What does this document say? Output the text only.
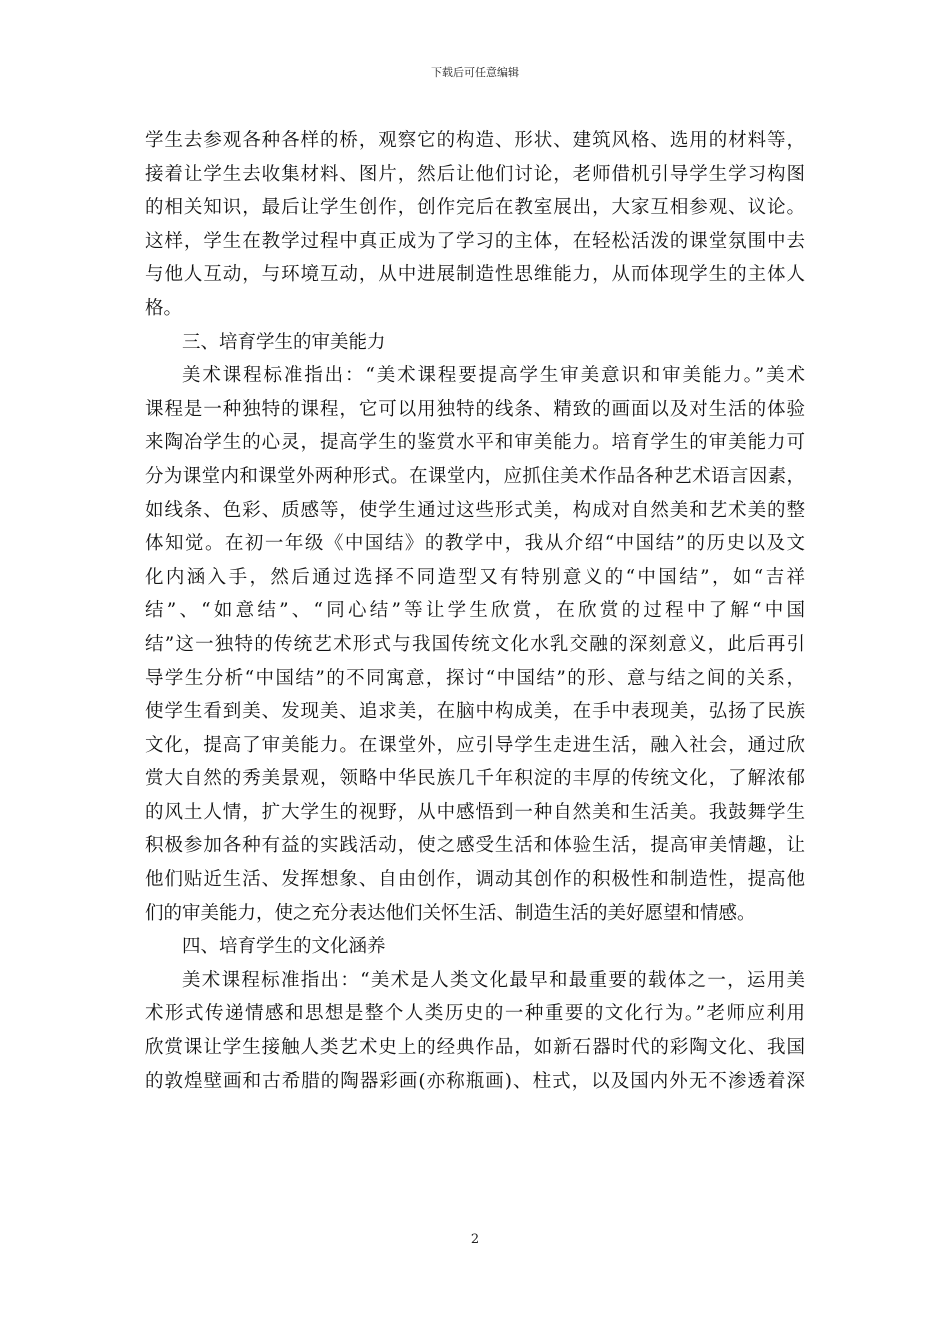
下载后可任意编辑
学生去参观各种各样的桥，观察它的构造、形状、建筑风格、选用的材料等，
接着让学生去收集材料、图片，然后让他们讨论，老师借机引导学生学习构图
的相关知识，最后让学生创作，创作完后在教室展出，大家互相参观、议论。
这样，学生在教学过程中真正成为了学习的主体，在轻松活泼的课堂氛围中去
与他人互动，与环境互动，从中进展制造性思维能力，从而体现学生的主体人
格。
三、培育学生的审美能力
美术课程标准指出：“美术课程要提高学生审美意识和审美能力。”美术
课程是一种独特的课程，它可以用独特的线条、精致的画面以及对生活的体验
来陶冶学生的心灵，提高学生的鉴赏水平和审美能力。培育学生的审美能力可
分为课堂内和课堂外两种形式。在课堂内，应抓住美术作品各种艺术语言因素，
如线条、色彩、质感等，使学生通过这些形式美，构成对自然美和艺术美的整
体知觉。在初一年级《中国结》的教学中，我从介绍“中国结”的历史以及文
化内涵入手，然后通过选择不同造型又有特别意义的“中国结”，如“吉祥
结”、“如意结”、“同心结”等让学生欣赏，在欣赏的过程中了解“中国
结”这一独特的传统艺术形式与我国传统文化水乳交融的深刻意义，此后再引
导学生分析“中国结”的不同寓意，探讨“中国结”的形、意与结之间的关系，
使学生看到美、发现美、追求美，在脑中构成美，在手中表现美，弘扬了民族
文化，提高了审美能力。在课堂外，应引导学生走进生活，融入社会，通过欣
赏大自然的秀美景观，领略中华民族几千年积淀的丰厚的传统文化，了解浓郁
的风土人情，扩大学生的视野，从中感悟到一种自然美和生活美。我鼓舞学生
积极参加各种有益的实践活动，使之感受生活和体验生活，提高审美情趣，让
他们贴近生活、发挥想象、自由创作，调动其创作的积极性和制造性，提高他
们的审美能力，使之充分表达他们关怀生活、制造生活的美好愿望和情感。
四、培育学生的文化涵养
美术课程标准指出：“美术是人类文化最早和最重要的载体之一，运用美
术形式传递情感和思想是整个人类历史的一种重要的文化行为。”老师应利用
欣赏课让学生接触人类艺术史上的经典作品，如新石器时代的彩陶文化、我国
的敦煌壁画和古希腊的陶器彩画(亦称瓶画)、柱式，以及国内外无不渗透着深
2
